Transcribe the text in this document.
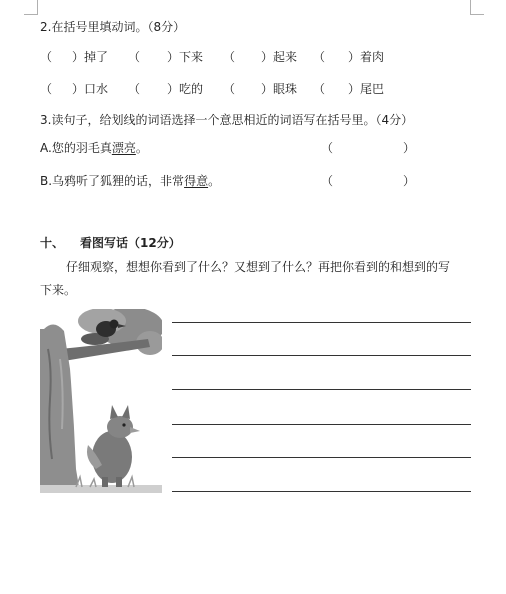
2.在括号里填动词。（8分）
（ ）掉了 （ ）下来 （ ）起来 （ ）着肉
（ ）口水 （ ）吃的 （ ）眼珠 （ ）尾巴
3.读句子，给划线的词语选择一个意思相近的词语写在括号里。（4分）
A.您的羽毛真漂亮。	（	）
B.乌鸦听了狐狸的话，非常得意。	（	）
十、 看图写话（12分）
仔细观察，想想你看到了什么？又想到了什么？再把你看到的和想到的写
下来。
